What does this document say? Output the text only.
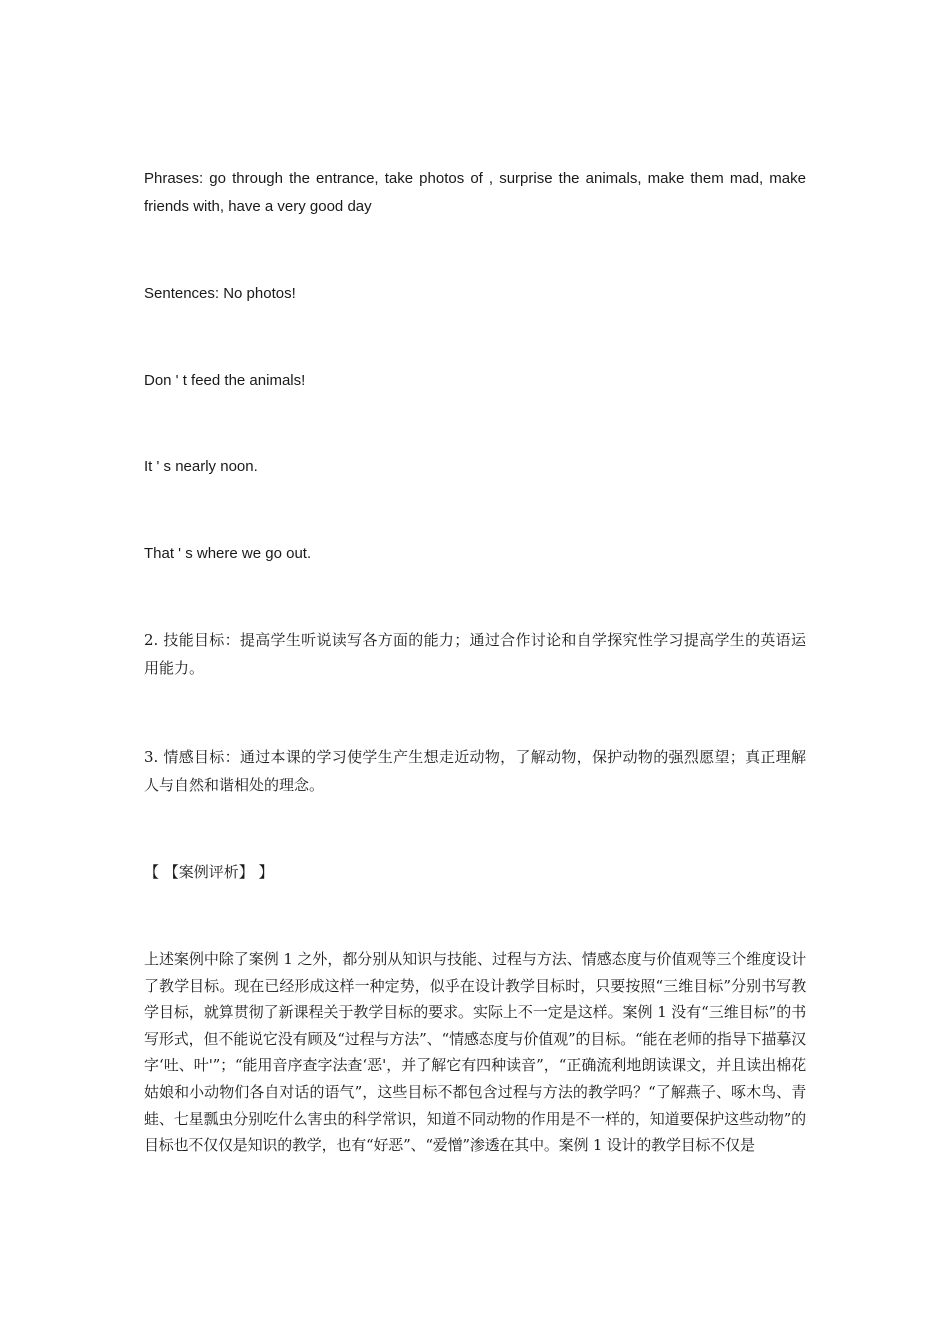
Phrases: go through the entrance, take photos of , surprise the animals, make them mad, make friends with, have a very good day

Sentences: No photos!

Don ' t feed the animals!

It ' s nearly noon.

That ' s where we go out.

2. 技能目标：提高学生听说读写各方面的能力；通过合作讨论和自学探究性学习提高学生的英语运用能力。

3. 情感目标：通过本课的学习使学生产生想走近动物，了解动物，保护动物的强烈愿望；真正理解人与自然和谐相处的理念。

【 【案例评析】 】

上述案例中除了案例 1 之外，都分别从知识与技能、过程与方法、情感态度与价值观等三个维度设计了教学目标。现在已经形成这样一种定势，似乎在设计教学目标时，只要按照“三维目标”分别书写教学目标，就算贯彻了新课程关于教学目标的要求。实际上不一定是这样。案例 1 没有“三维目标”的书写形式，但不能说它没有顾及“过程与方法”、“情感态度与价值观”的目标。“能在老师的指导下描摹汉字‘吐、叶'”；“能用音序查字法查‘恶'，并了解它有四种读音”，“正确流利地朗读课文，并且读出棉花姑娘和小动物们各自对话的语气”，这些目标不都包含过程与方法的教学吗？“了解燕子、啄木鸟、青蛙、七星瓢虫分别吃什么害虫的科学常识，知道不同动物的作用是不一样的，知道要保护这些动物”的目标也不仅仅是知识的教学，也有“好恶”、“爱憎”渗透在其中。案例 1 设计的教学目标不仅是
